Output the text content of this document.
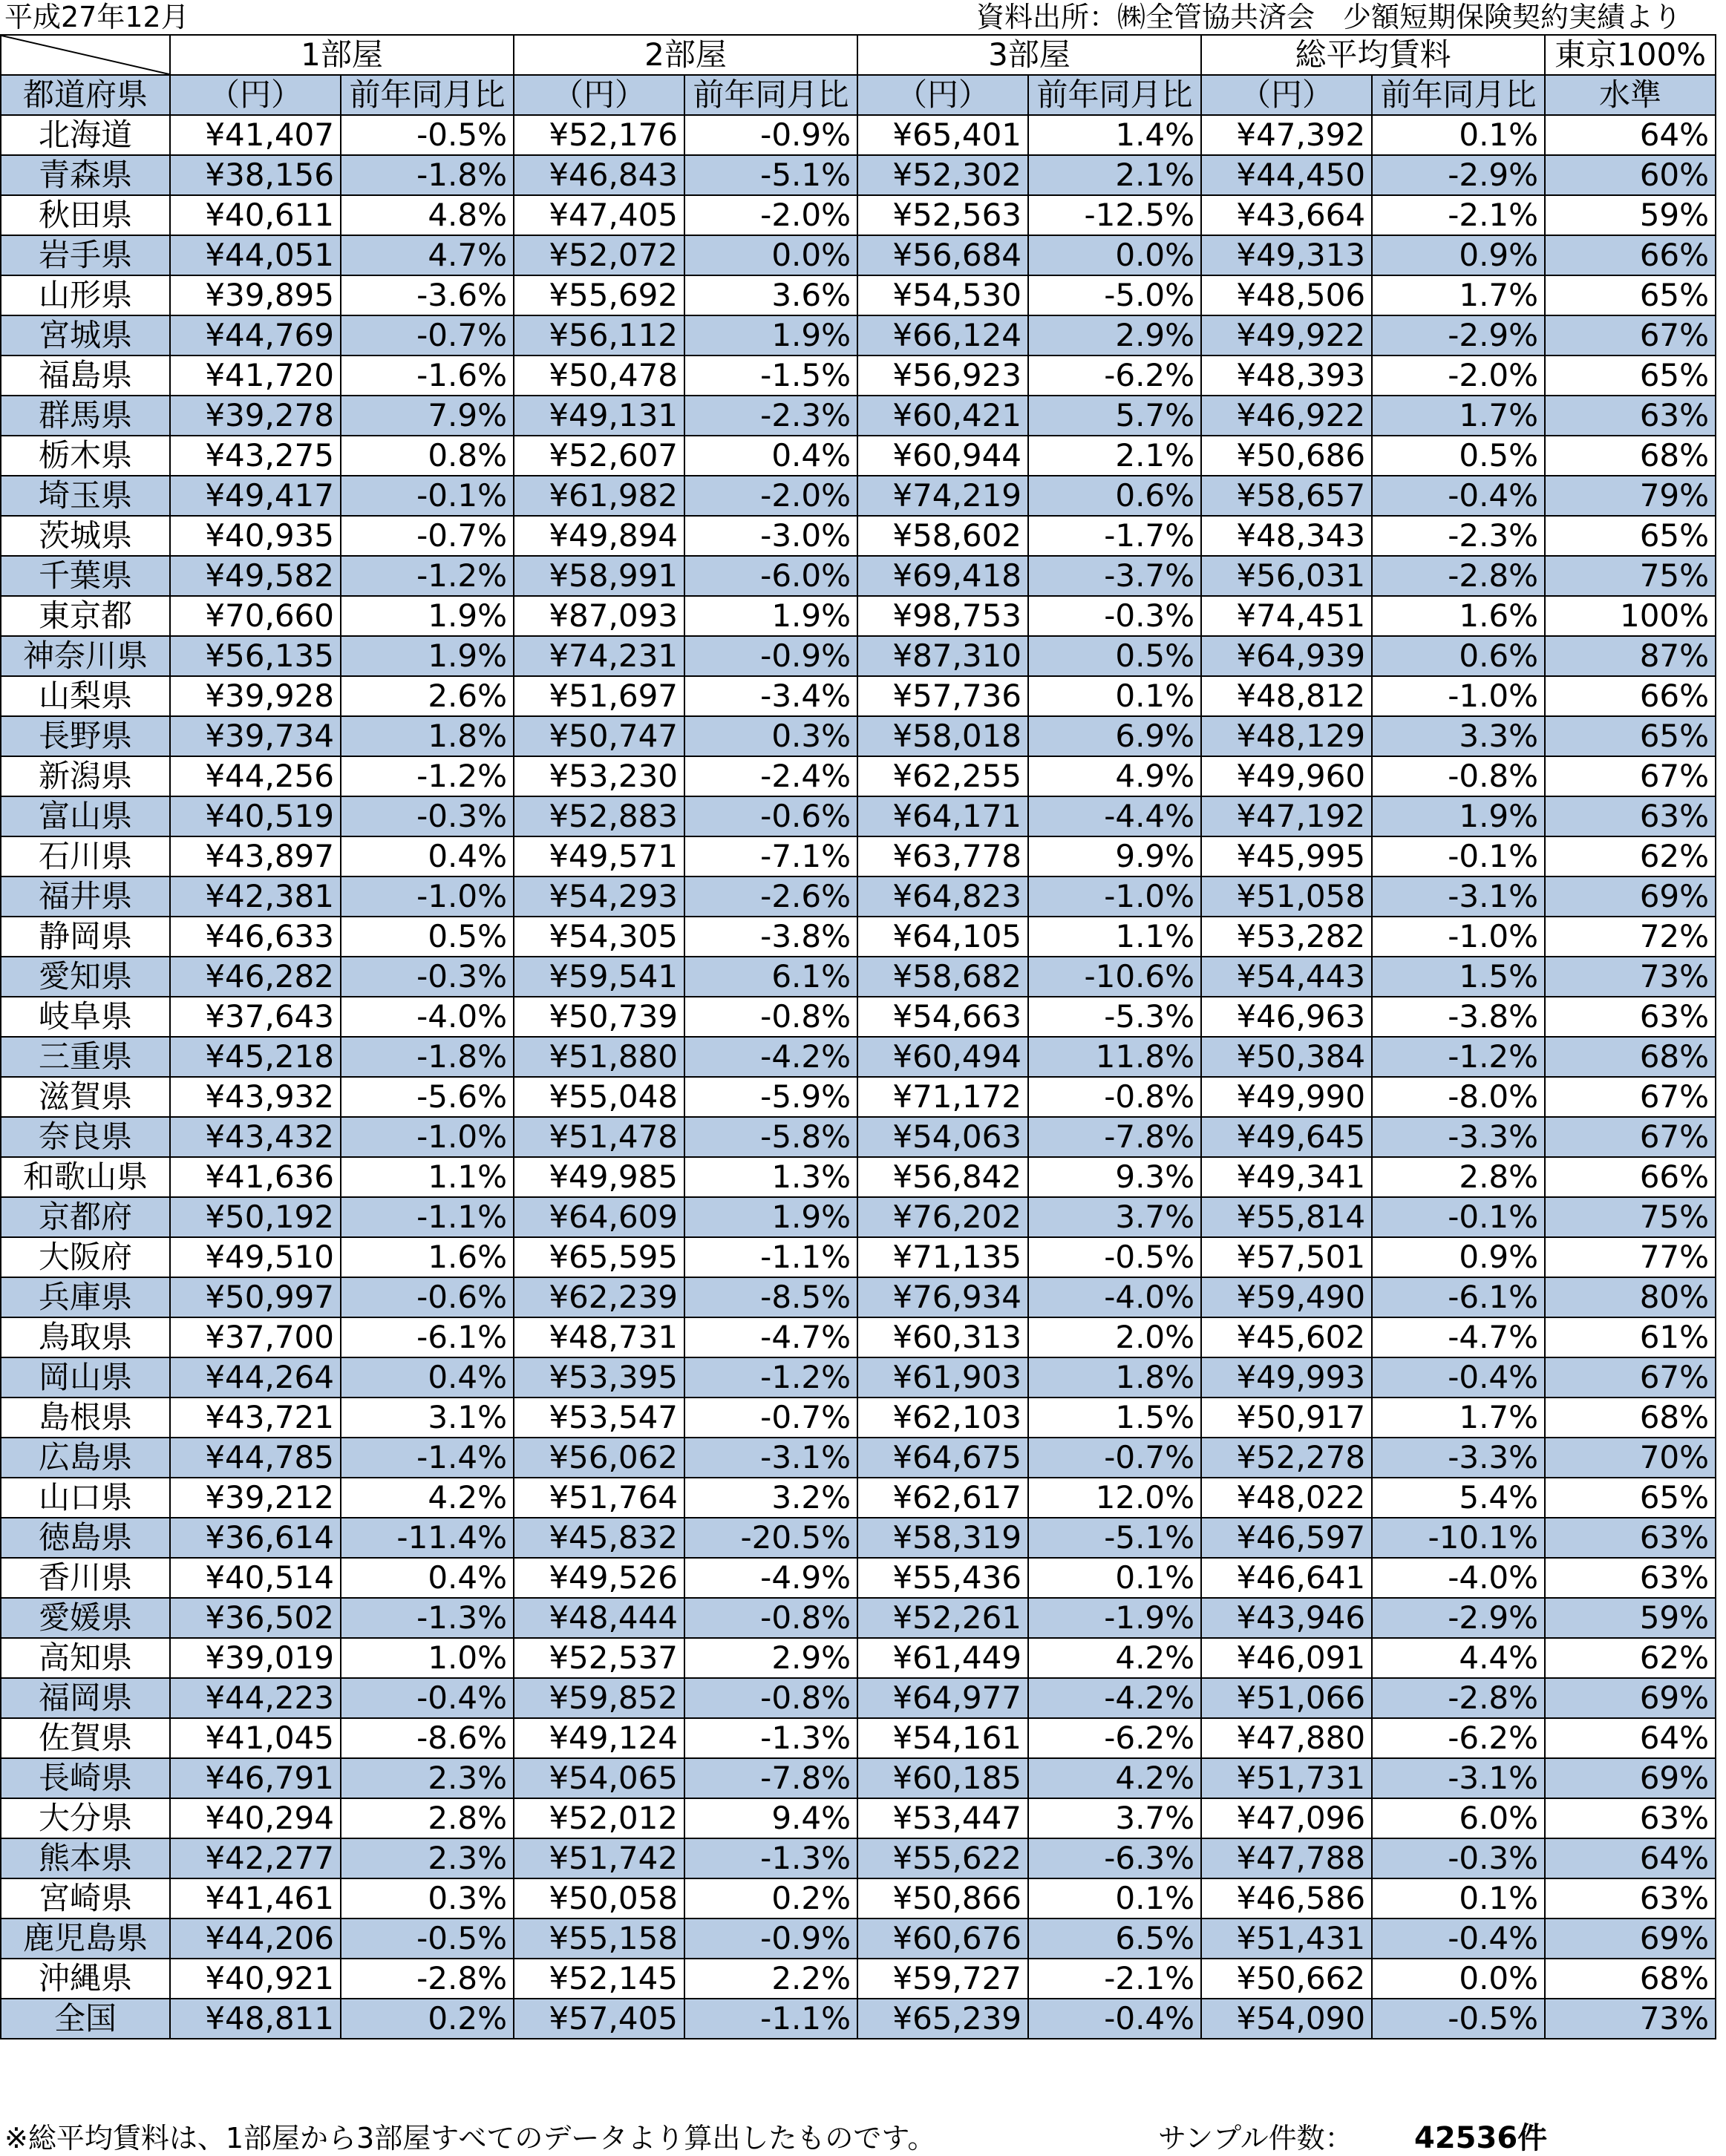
平成27年12月	資料出所：㈱全管協共済会　少額短期保険契約実績より
	1部屋		2部屋		3部屋		総平均賃料		東京100%
都道府県	（円）	前年同月比	（円）	前年同月比	（円）	前年同月比	（円）	前年同月比	水準
北海道	¥41,407	-0.5%	¥52,176	-0.9%	¥65,401	1.4%	¥47,392	0.1%	64%
青森県	¥38,156	-1.8%	¥46,843	-5.1%	¥52,302	2.1%	¥44,450	-2.9%	60%
秋田県	¥40,611	4.8%	¥47,405	-2.0%	¥52,563	-12.5%	¥43,664	-2.1%	59%
岩手県	¥44,051	4.7%	¥52,072	0.0%	¥56,684	0.0%	¥49,313	0.9%	66%
山形県	¥39,895	-3.6%	¥55,692	3.6%	¥54,530	-5.0%	¥48,506	1.7%	65%
宮城県	¥44,769	-0.7%	¥56,112	1.9%	¥66,124	2.9%	¥49,922	-2.9%	67%
福島県	¥41,720	-1.6%	¥50,478	-1.5%	¥56,923	-6.2%	¥48,393	-2.0%	65%
群馬県	¥39,278	7.9%	¥49,131	-2.3%	¥60,421	5.7%	¥46,922	1.7%	63%
栃木県	¥43,275	0.8%	¥52,607	0.4%	¥60,944	2.1%	¥50,686	0.5%	68%
埼玉県	¥49,417	-0.1%	¥61,982	-2.0%	¥74,219	0.6%	¥58,657	-0.4%	79%
茨城県	¥40,935	-0.7%	¥49,894	-3.0%	¥58,602	-1.7%	¥48,343	-2.3%	65%
千葉県	¥49,582	-1.2%	¥58,991	-6.0%	¥69,418	-3.7%	¥56,031	-2.8%	75%
東京都	¥70,660	1.9%	¥87,093	1.9%	¥98,753	-0.3%	¥74,451	1.6%	100%
神奈川県	¥56,135	1.9%	¥74,231	-0.9%	¥87,310	0.5%	¥64,939	0.6%	87%
山梨県	¥39,928	2.6%	¥51,697	-3.4%	¥57,736	0.1%	¥48,812	-1.0%	66%
長野県	¥39,734	1.8%	¥50,747	0.3%	¥58,018	6.9%	¥48,129	3.3%	65%
新潟県	¥44,256	-1.2%	¥53,230	-2.4%	¥62,255	4.9%	¥49,960	-0.8%	67%
富山県	¥40,519	-0.3%	¥52,883	-0.6%	¥64,171	-4.4%	¥47,192	1.9%	63%
石川県	¥43,897	0.4%	¥49,571	-7.1%	¥63,778	9.9%	¥45,995	-0.1%	62%
福井県	¥42,381	-1.0%	¥54,293	-2.6%	¥64,823	-1.0%	¥51,058	-3.1%	69%
静岡県	¥46,633	0.5%	¥54,305	-3.8%	¥64,105	1.1%	¥53,282	-1.0%	72%
愛知県	¥46,282	-0.3%	¥59,541	6.1%	¥58,682	-10.6%	¥54,443	1.5%	73%
岐阜県	¥37,643	-4.0%	¥50,739	-0.8%	¥54,663	-5.3%	¥46,963	-3.8%	63%
三重県	¥45,218	-1.8%	¥51,880	-4.2%	¥60,494	11.8%	¥50,384	-1.2%	68%
滋賀県	¥43,932	-5.6%	¥55,048	-5.9%	¥71,172	-0.8%	¥49,990	-8.0%	67%
奈良県	¥43,432	-1.0%	¥51,478	-5.8%	¥54,063	-7.8%	¥49,645	-3.3%	67%
和歌山県	¥41,636	1.1%	¥49,985	1.3%	¥56,842	9.3%	¥49,341	2.8%	66%
京都府	¥50,192	-1.1%	¥64,609	1.9%	¥76,202	3.7%	¥55,814	-0.1%	75%
大阪府	¥49,510	1.6%	¥65,595	-1.1%	¥71,135	-0.5%	¥57,501	0.9%	77%
兵庫県	¥50,997	-0.6%	¥62,239	-8.5%	¥76,934	-4.0%	¥59,490	-6.1%	80%
鳥取県	¥37,700	-6.1%	¥48,731	-4.7%	¥60,313	2.0%	¥45,602	-4.7%	61%
岡山県	¥44,264	0.4%	¥53,395	-1.2%	¥61,903	1.8%	¥49,993	-0.4%	67%
島根県	¥43,721	3.1%	¥53,547	-0.7%	¥62,103	1.5%	¥50,917	1.7%	68%
広島県	¥44,785	-1.4%	¥56,062	-3.1%	¥64,675	-0.7%	¥52,278	-3.3%	70%
山口県	¥39,212	4.2%	¥51,764	3.2%	¥62,617	12.0%	¥48,022	5.4%	65%
徳島県	¥36,614	-11.4%	¥45,832	-20.5%	¥58,319	-5.1%	¥46,597	-10.1%	63%
香川県	¥40,514	0.4%	¥49,526	-4.9%	¥55,436	0.1%	¥46,641	-4.0%	63%
愛媛県	¥36,502	-1.3%	¥48,444	-0.8%	¥52,261	-1.9%	¥43,946	-2.9%	59%
高知県	¥39,019	1.0%	¥52,537	2.9%	¥61,449	4.2%	¥46,091	4.4%	62%
福岡県	¥44,223	-0.4%	¥59,852	-0.8%	¥64,977	-4.2%	¥51,066	-2.8%	69%
佐賀県	¥41,045	-8.6%	¥49,124	-1.3%	¥54,161	-6.2%	¥47,880	-6.2%	64%
長崎県	¥46,791	2.3%	¥54,065	-7.8%	¥60,185	4.2%	¥51,731	-3.1%	69%
大分県	¥40,294	2.8%	¥52,012	9.4%	¥53,447	3.7%	¥47,096	6.0%	63%
熊本県	¥42,277	2.3%	¥51,742	-1.3%	¥55,622	-6.3%	¥47,788	-0.3%	64%
宮崎県	¥41,461	0.3%	¥50,058	0.2%	¥50,866	0.1%	¥46,586	0.1%	63%
鹿児島県	¥44,206	-0.5%	¥55,158	-0.9%	¥60,676	6.5%	¥51,431	-0.4%	69%
沖縄県	¥40,921	-2.8%	¥52,145	2.2%	¥59,727	-2.1%	¥50,662	0.0%	68%
全国	¥48,811	0.2%	¥57,405	-1.1%	¥65,239	-0.4%	¥54,090	-0.5%	73%
※総平均賃料は、1部屋から3部屋すべてのデータより算出したものです。	サンプル件数： 42536件
